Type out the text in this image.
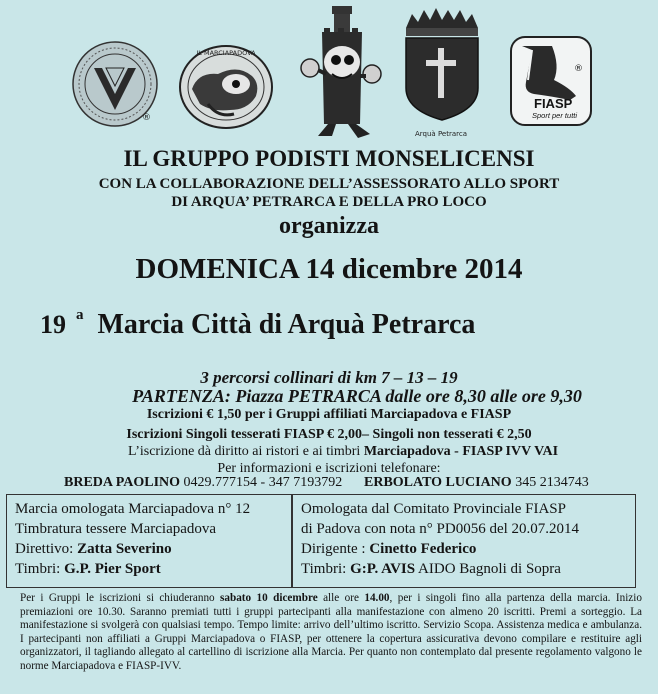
®
IL MARCIAPADOVA
Arquà Petrarca
®
FIASP
Sport per tutti
IL GRUPPO PODISTI MONSELICENSI
CON LA COLLABORAZIONE DELL’ASSESSORATO ALLO SPORT
DI ARQUA’ PETRARCA E DELLA PRO LOCO
organizza
DOMENICA 14 dicembre 2014
19 a Marcia Città di Arquà Petrarca
3 percorsi collinari di km 7 – 13 – 19
PARTENZA: Piazza PETRARCA dalle ore 8,30 alle ore 9,30
Iscrizioni € 1,50 per i Gruppi affiliati Marciapadova e FIASP
Iscrizioni Singoli tesserati FIASP € 2,00– Singoli non tesserati € 2,50
L’iscrizione dà diritto ai ristori e ai timbri Marciapadova - FIASP IVV VAI
Per informazioni e iscrizioni telefonare:
BREDA PAOLINO 0429.777154 - 347 7193792 ERBOLATO LUCIANO 345 2134743
Marcia omologata Marciapadova n° 12
Timbratura tessere Marciapadova
Direttivo: Zatta Severino
Timbri: G.P. Pier Sport
Omologata dal Comitato Provinciale FIASP
di Padova con nota n° PD0056 del 20.07.2014
Dirigente : Cinetto Federico
Timbri: G:P. AVIS AIDO Bagnoli di Sopra
Per i Gruppi le iscrizioni si chiuderanno sabato 10 dicembre alle ore 14.00, per i singoli fino alla partenza della marcia. Inizio premiazioni ore 10.30. Saranno premiati tutti i gruppi partecipanti alla manifestazione con almeno 20 iscritti. Premi a sorteggio. La manifestazione si svolgerà con qualsiasi tempo. Tempo limite: arrivo dell’ultimo iscritto. Servizio Scopa. Assistenza medica e ambulanza. I partecipanti non affiliati a Gruppi Marciapadova o FIASP, per ottenere la copertura assicurativa devono compilare e restituire agli organizzatori, il tagliando allegato al cartellino di iscrizione alla Marcia. Per quanto non contemplato dal presente regolamento valgono le norme Marciapadova e FIASP-IVV.
